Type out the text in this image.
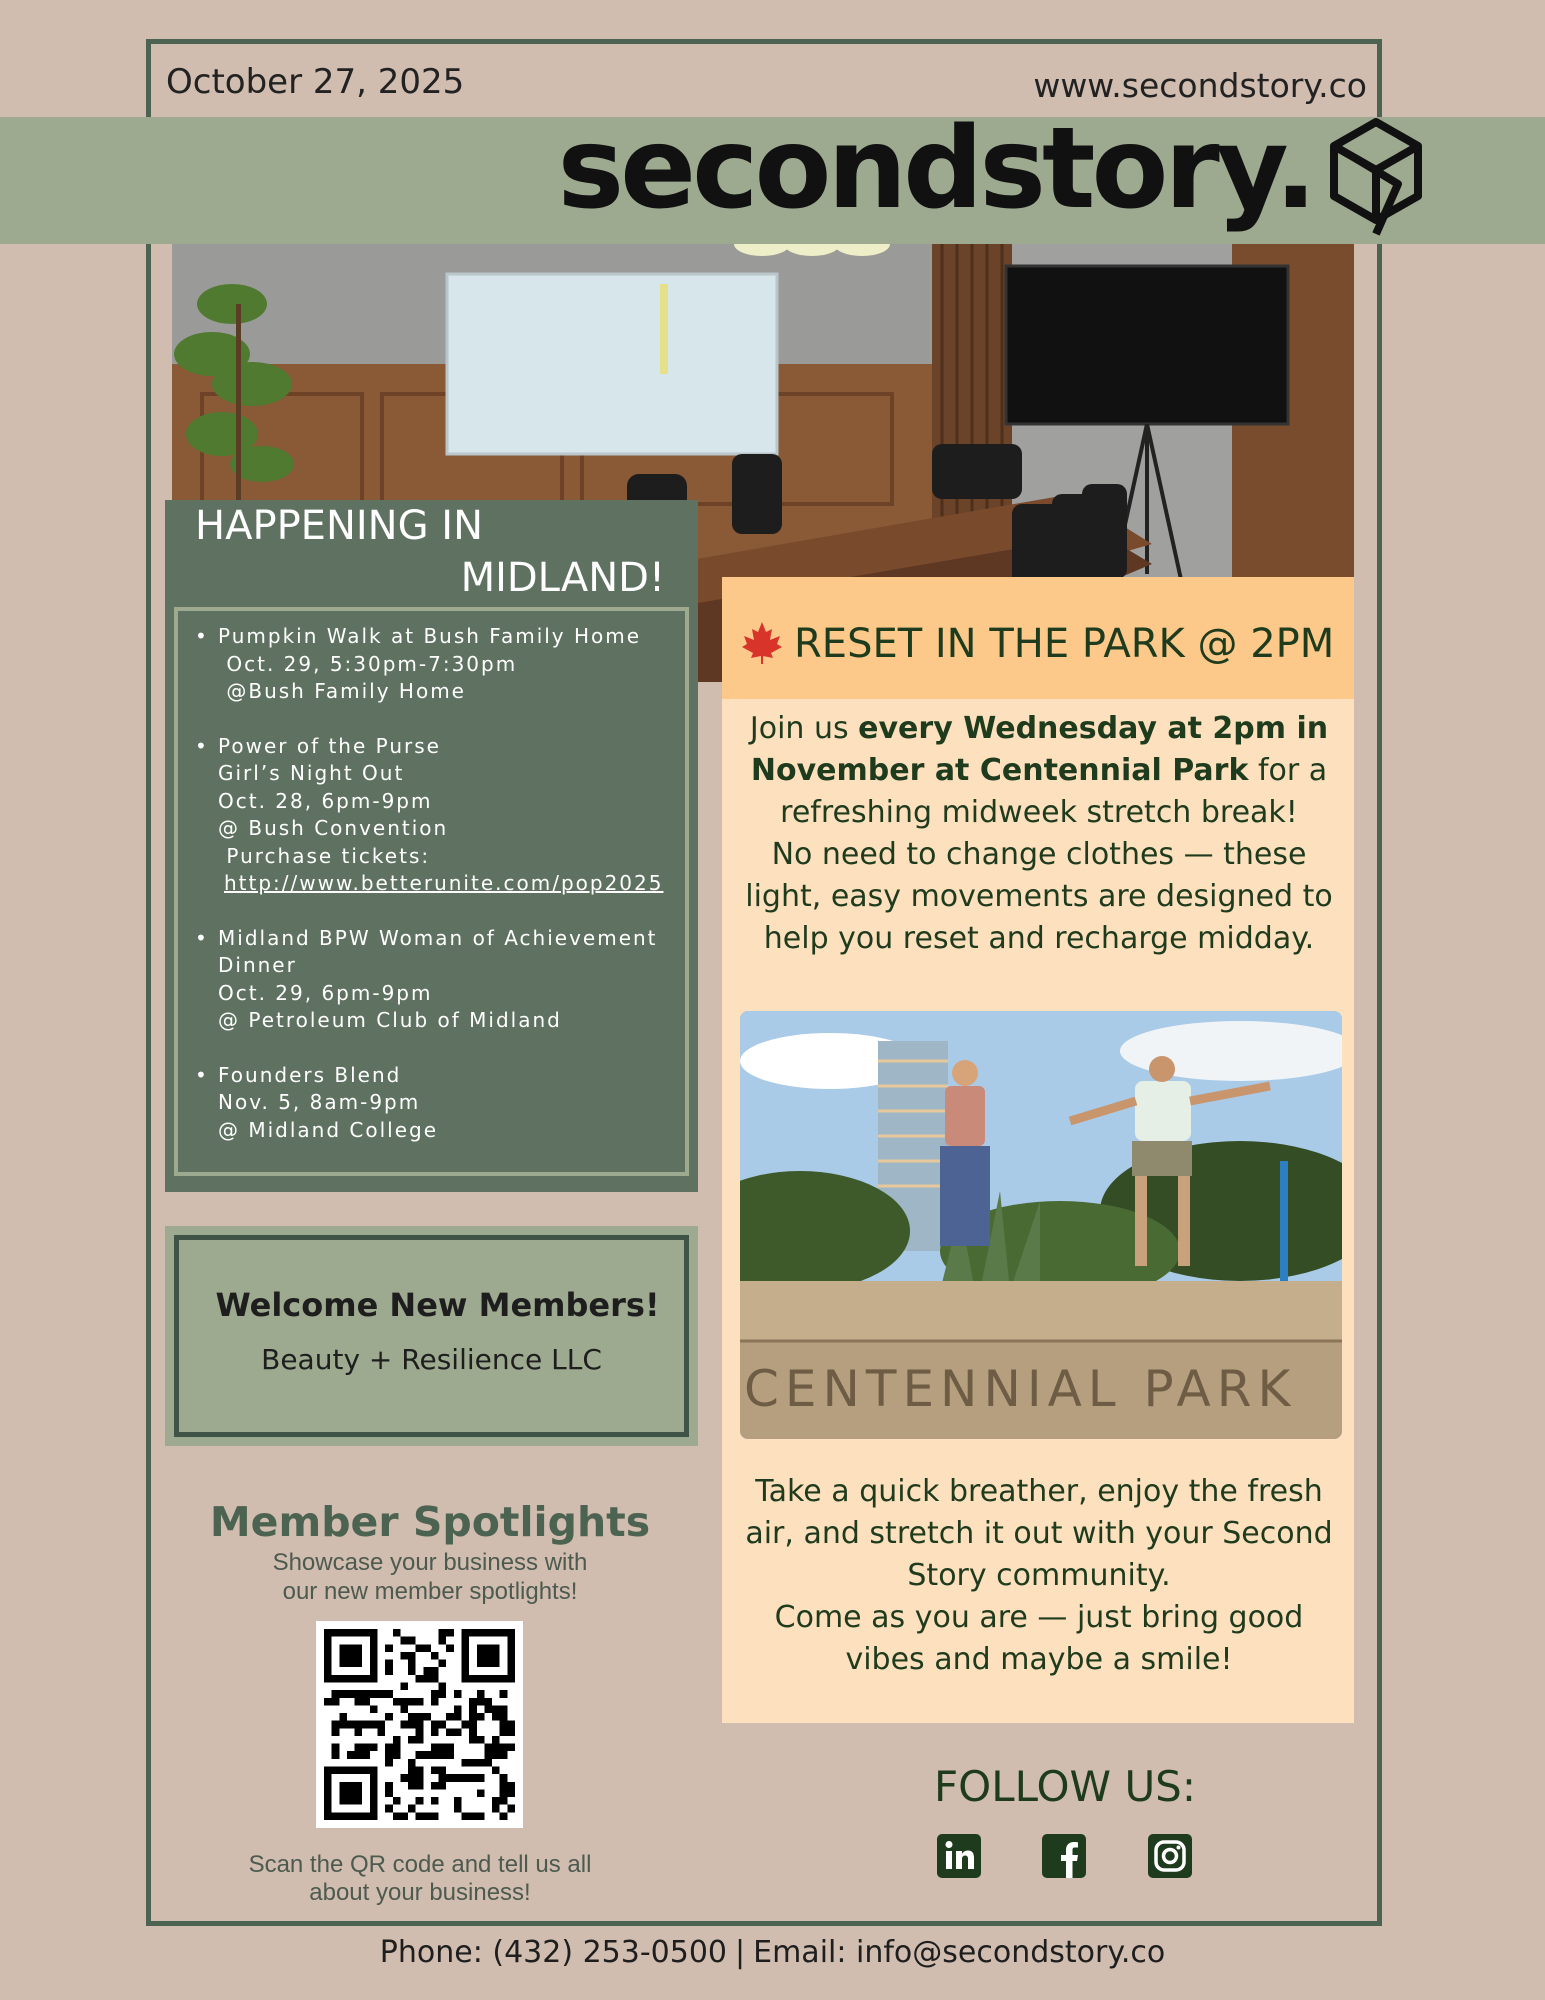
October 27, 2025	www.secondstory.co
secondstory.
HAPPENING IN
MIDLAND!
• Pumpkin Walk at Bush Family Home
Oct. 29, 5:30pm-7:30pm
@Bush Family Home
• Power of the Purse
Girl’s Night Out
Oct. 28, 6pm-9pm
@ Bush Convention
Purchase tickets:
http://www.betterunite.com/pop2025
• Midland BPW Woman of Achievement Dinner
Oct. 29, 6pm-9pm
@ Petroleum Club of Midland
• Founders Blend
Nov. 5, 8am-9pm
@ Midland College
Welcome New Members!
Beauty + Resilience LLC
Member Spotlights
Showcase your business with
our new member spotlights!
Scan the QR code and tell us all
about your business!
RESET IN THE PARK @ 2PM
Join us every Wednesday at 2pm in November at Centennial Park for a refreshing midweek stretch break!
No need to change clothes — these light, easy movements are designed to help you reset and recharge midday.
CENTENNIAL PARK
Take a quick breather, enjoy the fresh air, and stretch it out with your Second Story community.
Come as you are — just bring good vibes and maybe a smile!
FOLLOW US:
Phone: (432) 253-0500 | Email: info@secondstory.co
